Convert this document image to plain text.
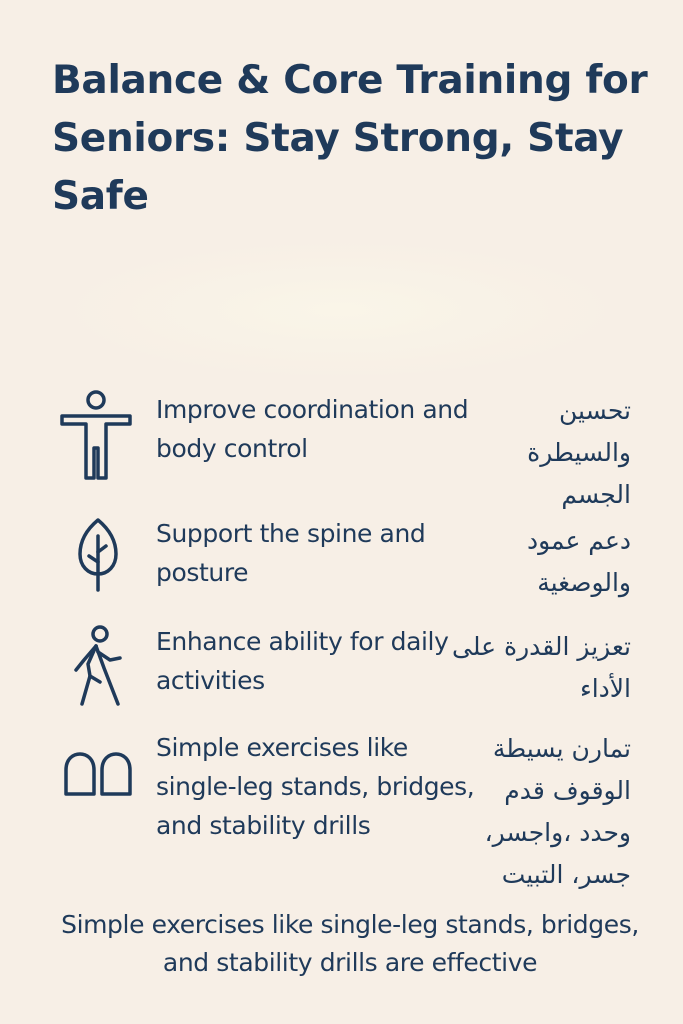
Balance & Core Training for Seniors: Stay Strong, Stay Safe
Improve coordination and body control
تحسين والسيطرة الجسم
Support the spine and posture
دعم عمود والوصغية
Enhance ability for daily activities
تعزيز القدرة على الأداء
Simple exercises like single-leg stands, bridges, and stability drills
تمارن يسيطة الوقوف قدم وحدد ،واجسر، جسر، التبيت
Simple exercises like single-leg stands, bridges, and stability drills are effective
